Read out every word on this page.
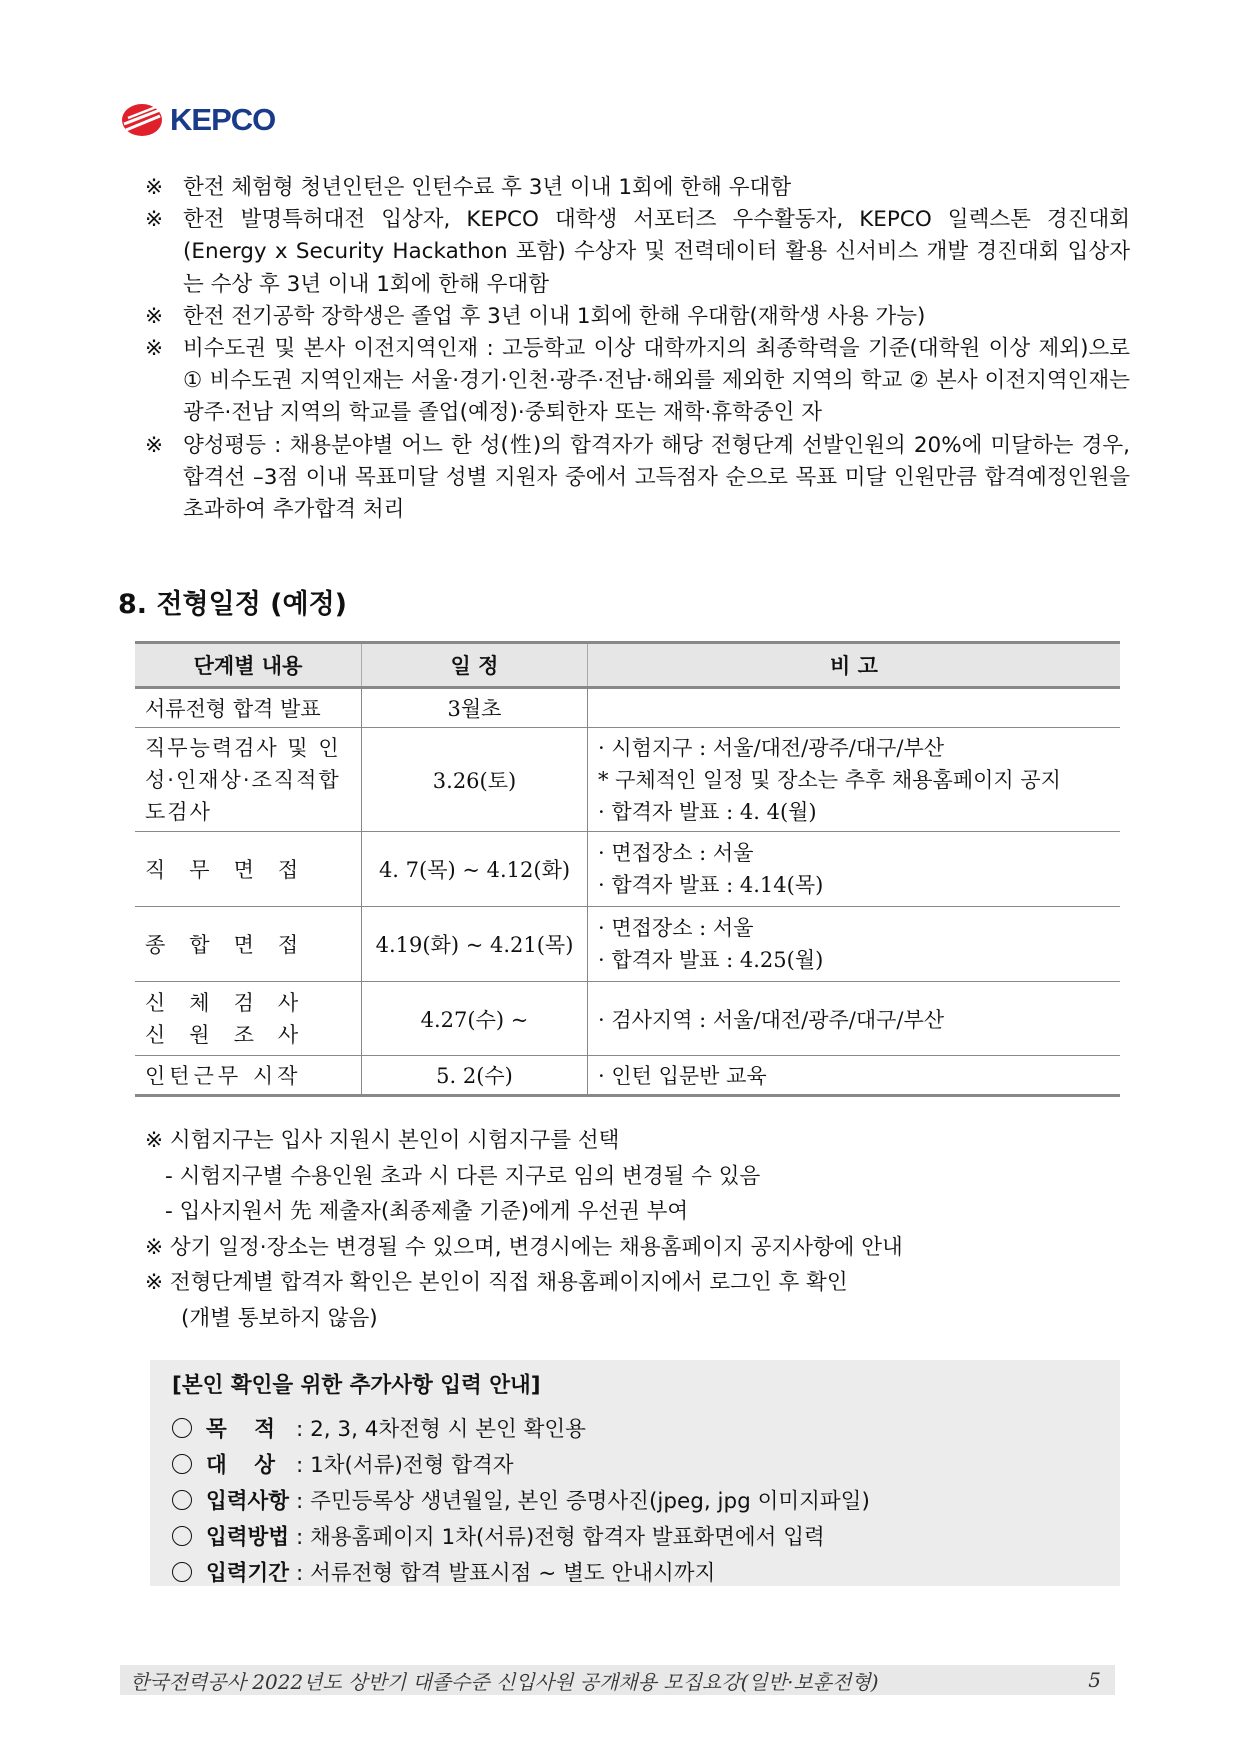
KEPCO
※ 한전 체험형 청년인턴은 인턴수료 후 3년 이내 1회에 한해 우대함
※ 한전 발명특허대전 입상자, KEPCO 대학생 서포터즈 우수활동자, KEPCO 일렉스톤 경진대회(Energy x Security Hackathon 포함) 수상자 및 전력데이터 활용 신서비스 개발 경진대회 입상자는 수상 후 3년 이내 1회에 한해 우대함
※ 한전 전기공학 장학생은 졸업 후 3년 이내 1회에 한해 우대함(재학생 사용 가능)
※ 비수도권 및 본사 이전지역인재 : 고등학교 이상 대학까지의 최종학력을 기준(대학원 이상 제외)으로 ① 비수도권 지역인재는 서울·경기·인천·광주·전남·해외를 제외한 지역의 학교 ② 본사 이전지역인재는 광주·전남 지역의 학교를 졸업(예정)·중퇴한자 또는 재학·휴학중인 자
※ 양성평등 : 채용분야별 어느 한 성(性)의 합격자가 해당 전형단계 선발인원의 20%에 미달하는 경우, 합격선 –3점 이내 목표미달 성별 지원자 중에서 고득점자 순으로 목표 미달 인원만큼 합격예정인원을 초과하여 추가합격 처리
8. 전형일정 (예정)
단계별 내용	일 정	비 고
서류전형 합격 발표	3월초	
직무능력검사 및 인성·인재상·조직적합도검사	3.26(토)	· 시험지구 : 서울/대전/광주/대구/부산
* 구체적인 일정 및 장소는 추후 채용홈페이지 공지
· 합격자 발표 : 4. 4(월)

직무면접	4. 7(목) ~ 4.12(화)	· 면접장소 : 서울
· 합격자 발표 : 4.14(목)

종합면접	4.19(화) ~ 4.21(목)	· 면접장소 : 서울
· 합격자 발표 : 4.25(월)

신체검사 신원조사	4.27(수) ~	· 검사지역 : 서울/대전/광주/대구/부산

인턴근무 시작	5. 2(수)	· 인턴 입문반 교육
※ 시험지구는 입사 지원시 본인이 시험지구를 선택
- 시험지구별 수용인원 초과 시 다른 지구로 임의 변경될 수 있음
- 입사지원서 先 제출자(최종제출 기준)에게 우선권 부여
※ 상기 일정·장소는 변경될 수 있으며, 변경시에는 채용홈페이지 공지사항에 안내
※ 전형단계별 합격자 확인은 본인이 직접 채용홈페이지에서 로그인 후 확인
(개별 통보하지 않음)
[본인 확인을 위한 추가사항 입력 안내]
목 적 : 2, 3, 4차전형 시 본인 확인용
대 상 : 1차(서류)전형 합격자
입력사항 : 주민등록상 생년월일, 본인 증명사진(jpeg, jpg 이미지파일)
입력방법 : 채용홈페이지 1차(서류)전형 합격자 발표화면에서 입력
입력기간 : 서류전형 합격 발표시점 ~ 별도 안내시까지
한국전력공사 2022년도 상반기 대졸수준 신입사원 공개채용 모집요강(일반·보훈전형)	5
